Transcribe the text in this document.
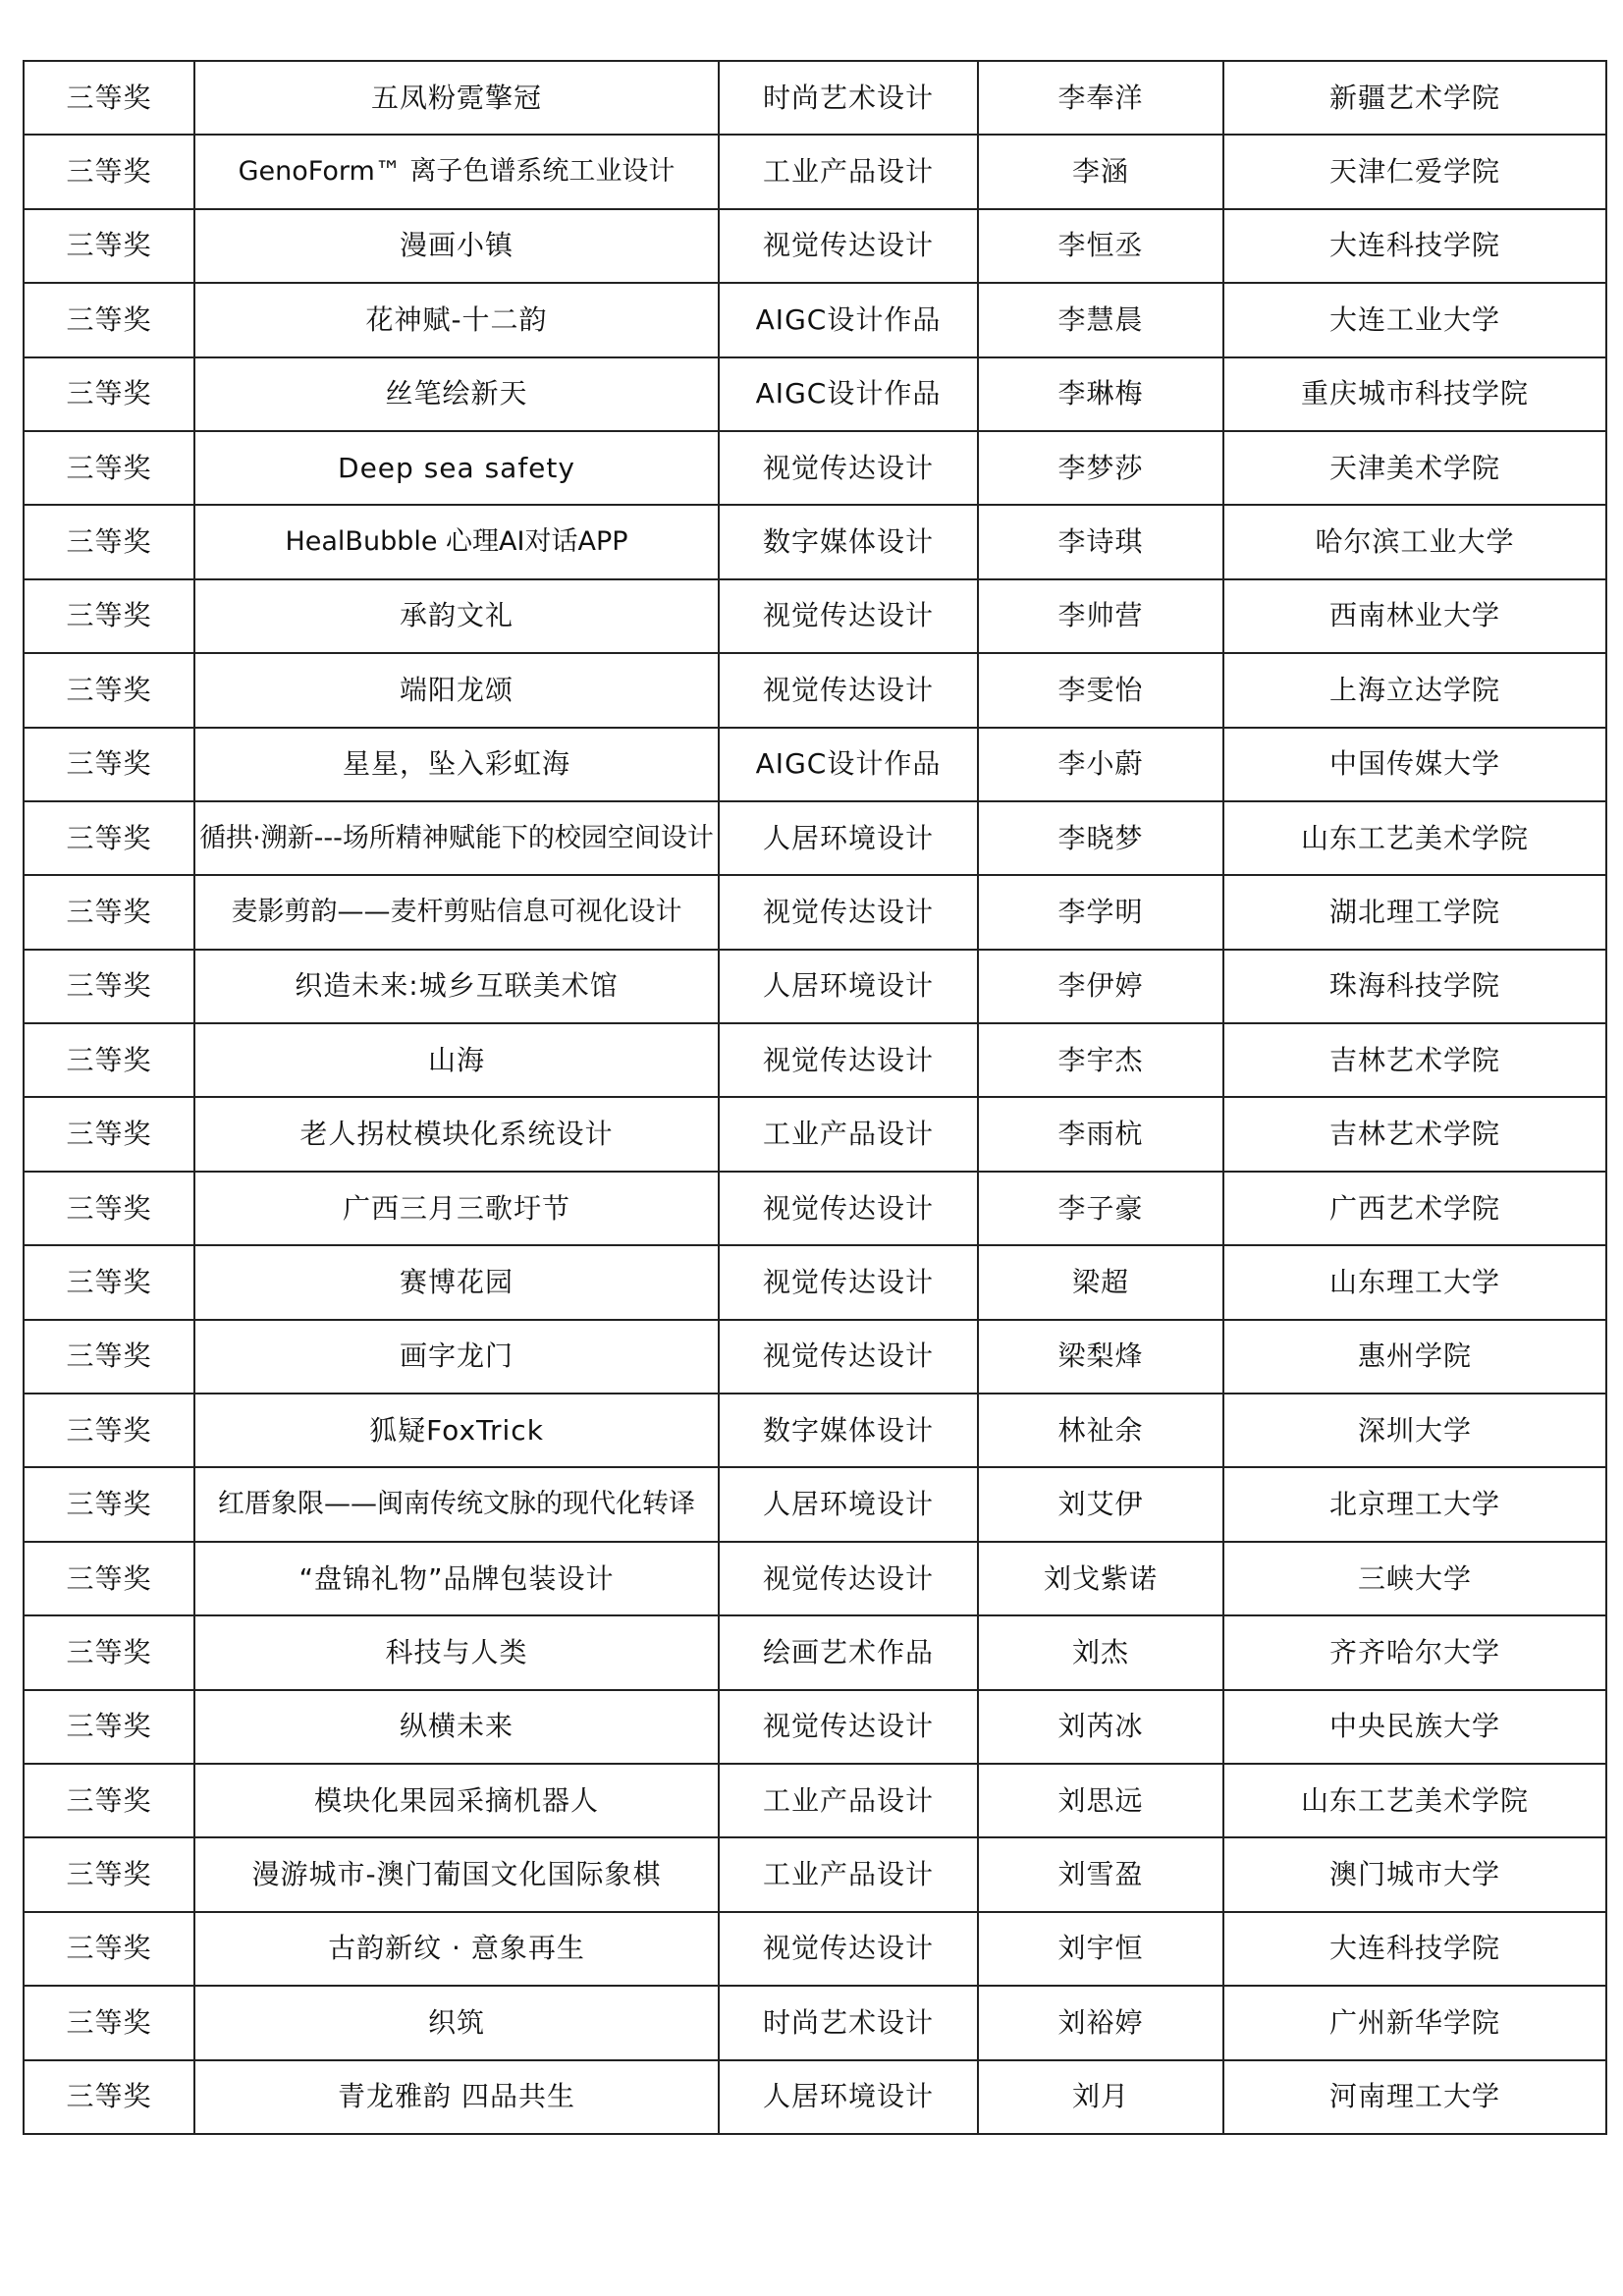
三等奖	五凤粉霓擎冠	时尚艺术设计	李奉洋	新疆艺术学院
三等奖	GenoForm™ 离子色谱系统工业设计	工业产品设计	李涵	天津仁爱学院
三等奖	漫画小镇	视觉传达设计	李恒丞	大连科技学院
三等奖	花神赋-十二韵	AIGC设计作品	李慧晨	大连工业大学
三等奖	丝笔绘新天	AIGC设计作品	李琳梅	重庆城市科技学院
三等奖	Deep sea safety	视觉传达设计	李梦莎	天津美术学院
三等奖	HealBubble 心理AI对话APP	数字媒体设计	李诗琪	哈尔滨工业大学
三等奖	承韵文礼	视觉传达设计	李帅营	西南林业大学
三等奖	端阳龙颂	视觉传达设计	李雯怡	上海立达学院
三等奖	星星，坠入彩虹海	AIGC设计作品	李小蔚	中国传媒大学
三等奖	循拱·溯新---场所精神赋能下的校园空间设计	人居环境设计	李晓梦	山东工艺美术学院
三等奖	麦影剪韵——麦杆剪贴信息可视化设计	视觉传达设计	李学明	湖北理工学院
三等奖	织造未来:城乡互联美术馆	人居环境设计	李伊婷	珠海科技学院
三等奖	山海	视觉传达设计	李宇杰	吉林艺术学院
三等奖	老人拐杖模块化系统设计	工业产品设计	李雨杭	吉林艺术学院
三等奖	广西三月三歌圩节	视觉传达设计	李子豪	广西艺术学院
三等奖	赛博花园	视觉传达设计	梁超	山东理工大学
三等奖	画字龙门	视觉传达设计	梁梨烽	惠州学院
三等奖	狐疑FoxTrick	数字媒体设计	林祉余	深圳大学
三等奖	红厝象限——闽南传统文脉的现代化转译	人居环境设计	刘艾伊	北京理工大学
三等奖	“盘锦礼物”品牌包装设计	视觉传达设计	刘戈紫诺	三峡大学
三等奖	科技与人类	绘画艺术作品	刘杰	齐齐哈尔大学
三等奖	纵横未来	视觉传达设计	刘芮冰	中央民族大学
三等奖	模块化果园采摘机器人	工业产品设计	刘思远	山东工艺美术学院
三等奖	漫游城市-澳门葡国文化国际象棋	工业产品设计	刘雪盈	澳门城市大学
三等奖	古韵新纹 · 意象再生	视觉传达设计	刘宇恒	大连科技学院
三等奖	织筑	时尚艺术设计	刘裕婷	广州新华学院
三等奖	青龙雅韵 四品共生	人居环境设计	刘月	河南理工大学
